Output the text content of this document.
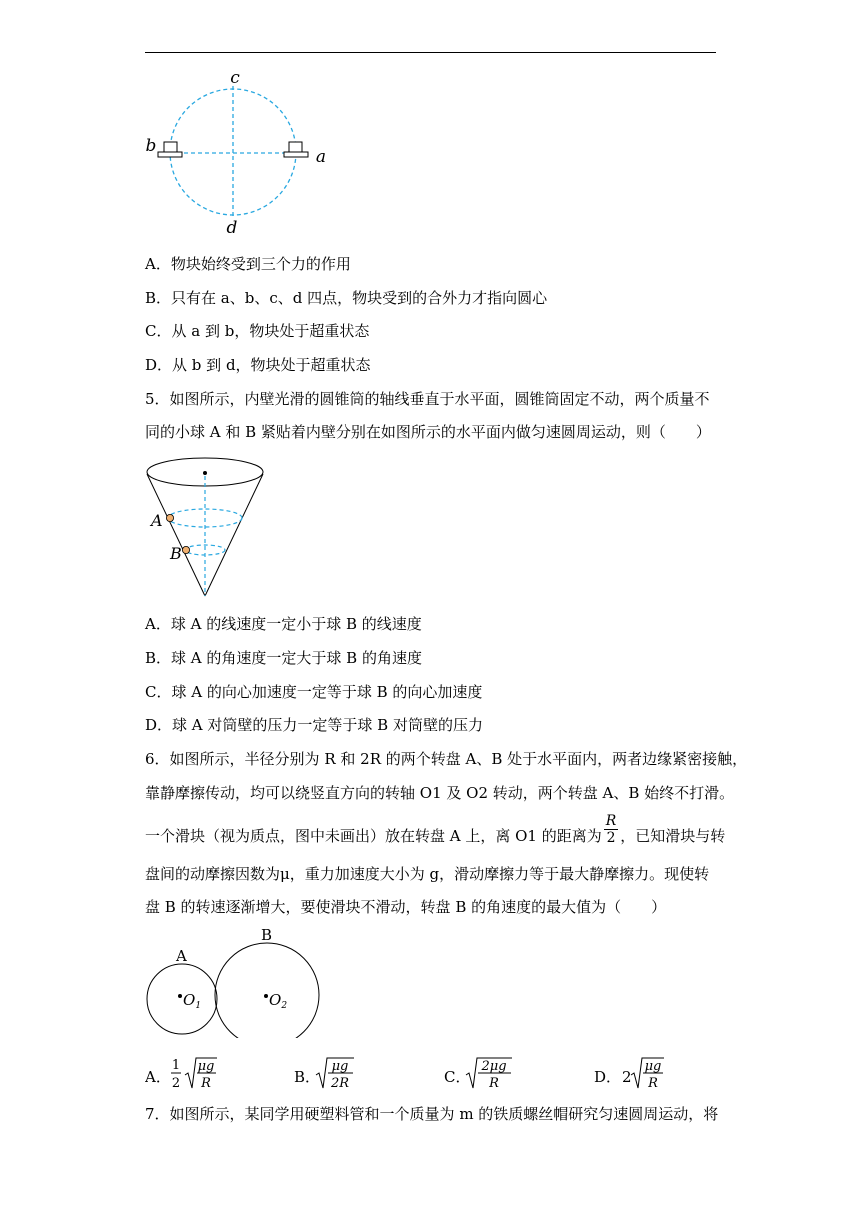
c
b
a
d
A．物块始终受到三个力的作用
B．只有在 a、b、c、d 四点，物块受到的合外力才指向圆心
C．从 a 到 b，物块处于超重状态
D．从 b 到 d，物块处于超重状态
5．如图所示，内壁光滑的圆锥筒的轴线垂直于水平面，圆锥筒固定不动，两个质量不
同的小球 A 和 B 紧贴着内壁分别在如图所示的水平面内做匀速圆周运动，则（　　）
A
B
A．球 A 的线速度一定小于球 B 的线速度
B．球 A 的角速度一定大于球 B 的角速度
C．球 A 的向心加速度一定等于球 B 的向心加速度
D．球 A 对筒壁的压力一定等于球 B 对筒壁的压力
6．如图所示，半径分别为 R 和 2R 的两个转盘 A、B 处于水平面内，两者边缘紧密接触，
靠静摩擦传动，均可以绕竖直方向的转轴 O1 及 O2 转动，两个转盘 A、B 始终不打滑。
一个滑块（视为质点，图中未画出）放在转盘 A 上，离 O1 的距离为 $\frac{R}{2}$ ，已知滑块与转
盘间的动摩擦因数为μ，重力加速度大小为 g，滑动摩擦力等于最大静摩擦力。现使转
盘 B 的转速逐渐增大，要使滑块不滑动，转盘 B 的角速度的最大值为（　　）
A
B
$O_1$	$O_2$
A．
1
2
μg
R	B．
μg
2R	C．
2μg
R	D． 2
μg
R
7．如图所示，某同学用硬塑料管和一个质量为 m 的铁质螺丝帽研究匀速圆周运动，将
